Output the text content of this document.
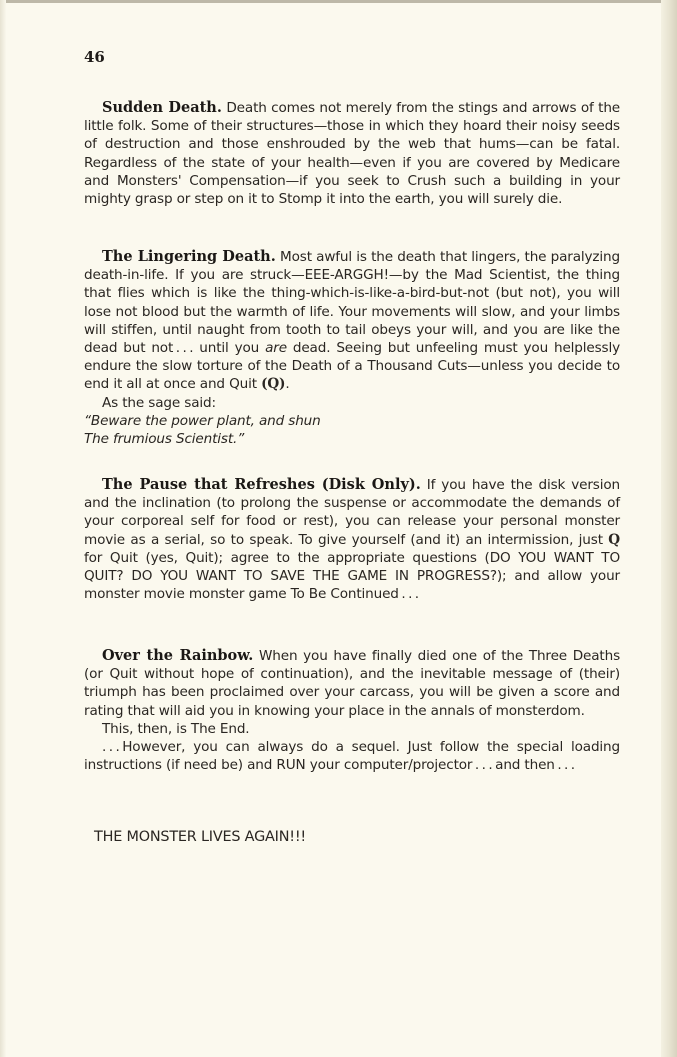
46

Sudden Death. Death comes not merely from the stings and arrows of the little folk. Some of their structures—those in which they hoard their noisy seeds of destruction and those enshrouded by the web that hums—can be fatal. Regardless of the state of your health—even if you are covered by Medicare and Monsters' Compensation—if you seek to Crush such a building in your mighty grasp or step on it to Stomp it into the earth, you will surely die.

The Lingering Death. Most awful is the death that lingers, the paralyzing death-in-life. If you are struck—EEE-ARGGH!—by the Mad Scientist, the thing that flies which is like the thing-which-is-like-a-bird-but-not (but not), you will lose not blood but the warmth of life. Your movements will slow, and your limbs will stiffen, until naught from tooth to tail obeys your will, and you are like the dead but not . . . until you are dead. Seeing but unfeeling must you helplessly endure the slow torture of the Death of a Thousand Cuts—unless you decide to end it all at once and Quit (Q).

As the sage said:

“Beware the power plant, and shun

The frumious Scientist.”

The Pause that Refreshes (Disk Only). If you have the disk version and the inclination (to prolong the suspense or accommodate the demands of your corporeal self for food or rest), you can release your personal monster movie as a serial, so to speak. To give yourself (and it) an intermission, just Q for Quit (yes, Quit); agree to the appropriate questions (DO YOU WANT TO QUIT? DO YOU WANT TO SAVE THE GAME IN PROGRESS?); and allow your monster movie monster game To Be Continued . . .

Over the Rainbow. When you have finally died one of the Three Deaths (or Quit without hope of continuation), and the inevitable message of (their) triumph has been proclaimed over your carcass, you will be given a score and rating that will aid you in knowing your place in the annals of monsterdom.

This, then, is The End.

. . . However, you can always do a sequel. Just follow the special loading instructions (if need be) and RUN your computer/projector . . . and then . . .

THE MONSTER LIVES AGAIN!!!
